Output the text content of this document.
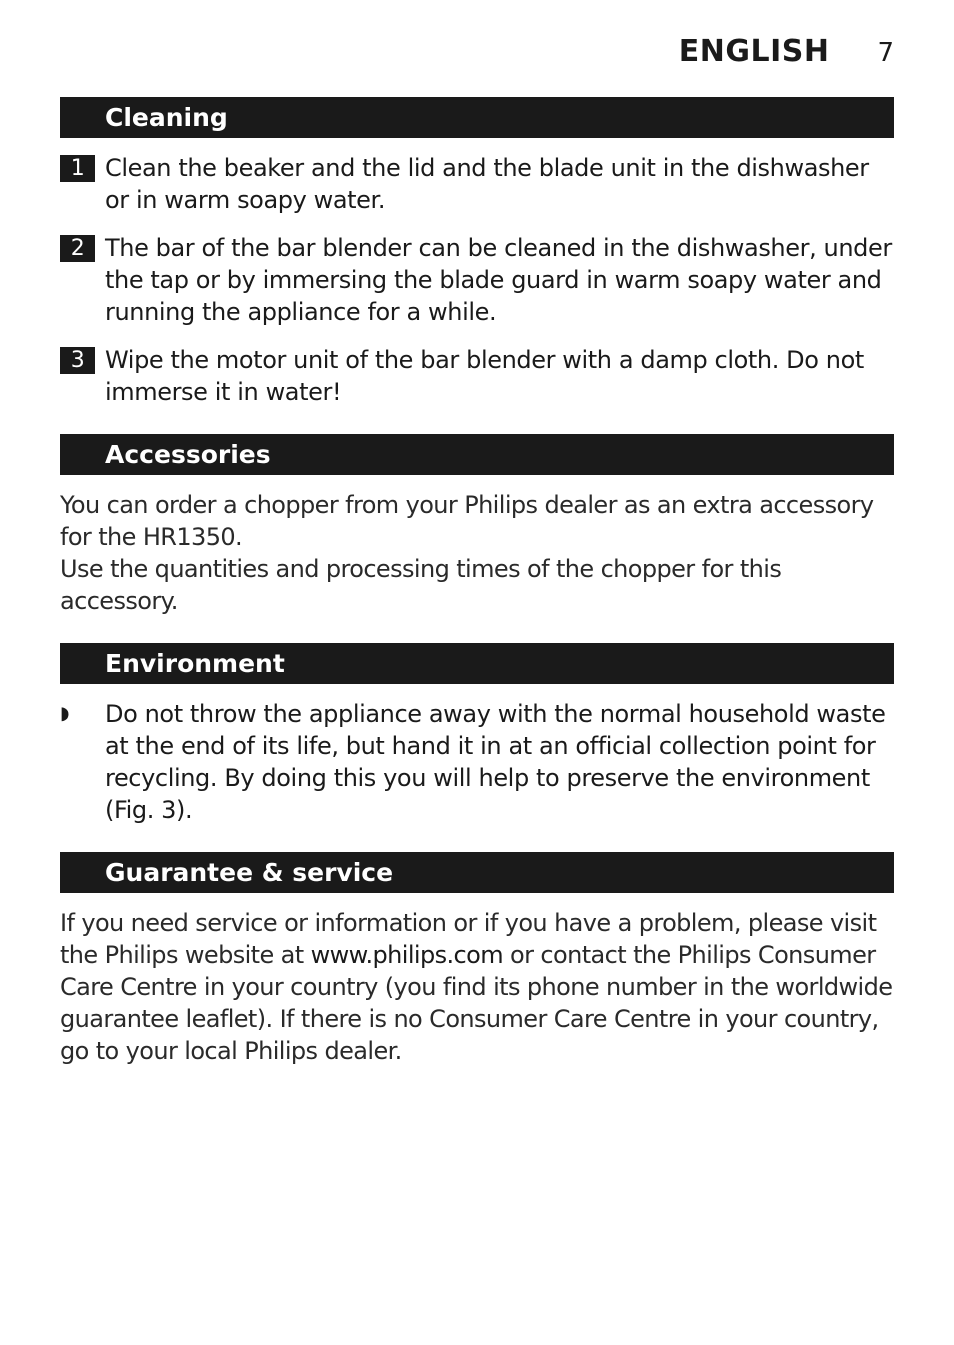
ENGLISH 7
Cleaning
1 Clean the beaker and the lid and the blade unit in the dishwasher or in warm soapy water.
2 The bar of the bar blender can be cleaned in the dishwasher, under the tap or by immersing the blade guard in warm soapy water and running the appliance for a while.
3 Wipe the motor unit of the bar blender with a damp cloth. Do not immerse it in water!
Accessories
You can order a chopper from your Philips dealer as an extra accessory for the HR1350.
Use the quantities and processing times of the chopper for this accessory.
Environment
◗ Do not throw the appliance away with the normal household waste at the end of its life, but hand it in at an official collection point for recycling. By doing this you will help to preserve the environment (Fig. 3).
Guarantee & service
If you need service or information or if you have a problem, please visit the Philips website at www.philips.com or contact the Philips Consumer Care Centre in your country (you find its phone number in the worldwide guarantee leaflet). If there is no Consumer Care Centre in your country, go to your local Philips dealer.
